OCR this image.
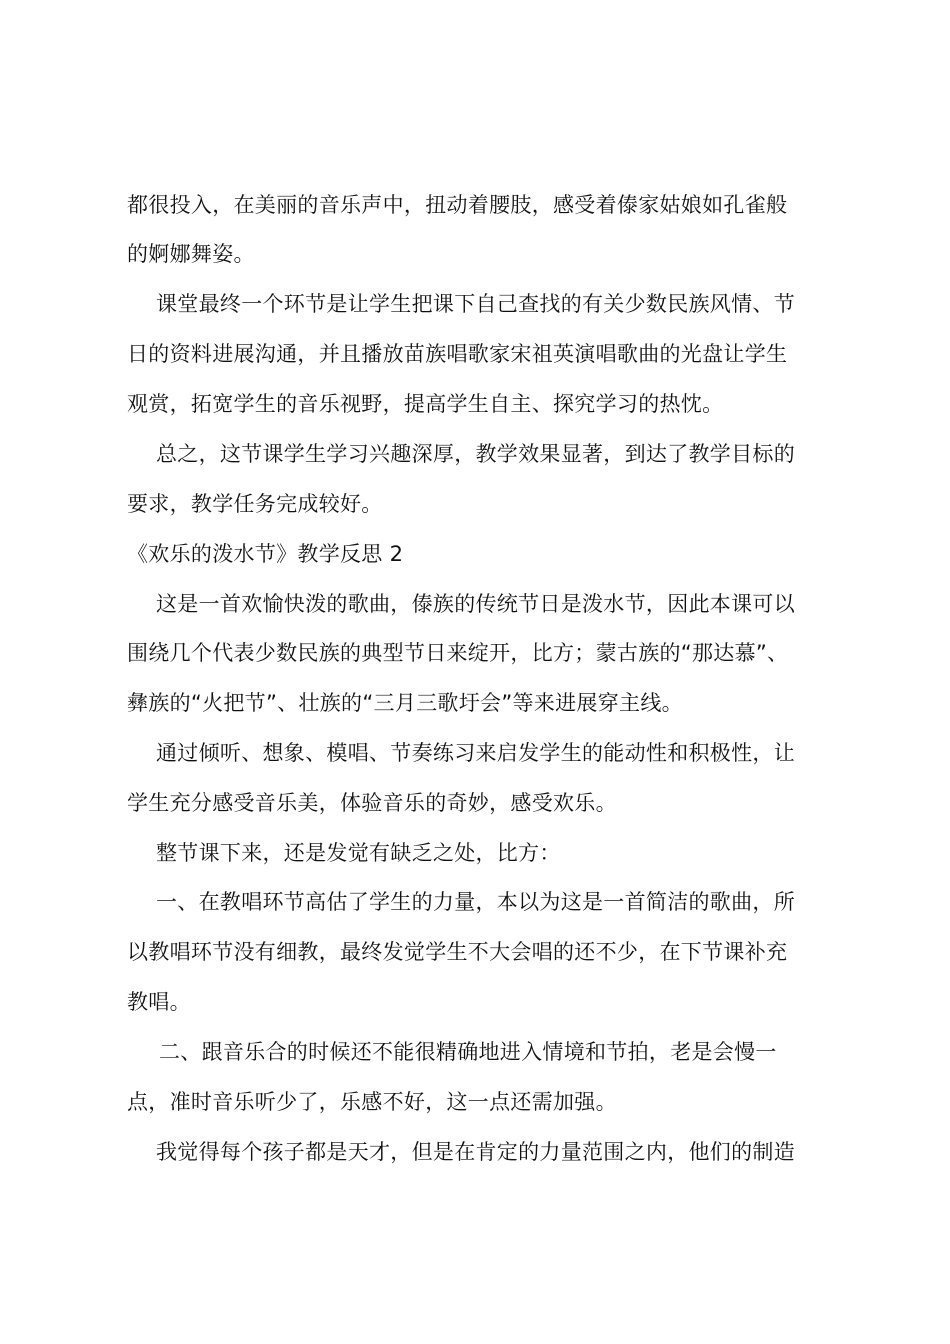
都很投入，在美丽的音乐声中，扭动着腰肢，感受着傣家姑娘如孔雀般
的婀娜舞姿。
课堂最终一个环节是让学生把课下自己查找的有关少数民族风情、节
日的资料进展沟通，并且播放苗族唱歌家宋祖英演唱歌曲的光盘让学生
观赏，拓宽学生的音乐视野，提高学生自主、探究学习的热忱。
总之，这节课学生学习兴趣深厚，教学效果显著，到达了教学目标的
要求，教学任务完成较好。
《欢乐的泼水节》教学反思 2
这是一首欢愉快泼的歌曲，傣族的传统节日是泼水节，因此本课可以
围绕几个代表少数民族的典型节日来绽开，比方；蒙古族的“那达慕”、
彝族的“火把节”、壮族的“三月三歌圩会”等来进展穿主线。
通过倾听、想象、模唱、节奏练习来启发学生的能动性和积极性，让
学生充分感受音乐美，体验音乐的奇妙，感受欢乐。
整节课下来，还是发觉有缺乏之处，比方：
一、在教唱环节高估了学生的力量，本以为这是一首简洁的歌曲，所
以教唱环节没有细教，最终发觉学生不大会唱的还不少，在下节课补充
教唱。
二、跟音乐合的时候还不能很精确地进入情境和节拍，老是会慢一
点，准时音乐听少了，乐感不好，这一点还需加强。
我觉得每个孩子都是天才，但是在肯定的力量范围之内，他们的制造
